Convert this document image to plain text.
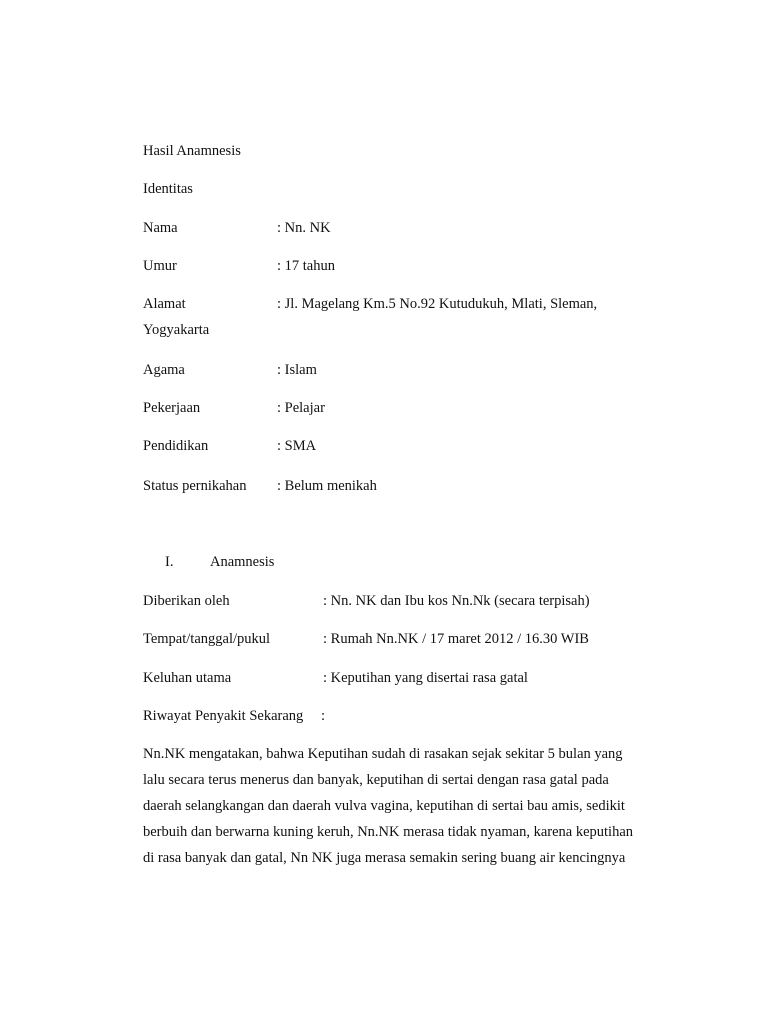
Hasil Anamnesis
Identitas
Nama	: Nn. NK
Umur	: 17 tahun
Alamat	: Jl. Magelang Km.5 No.92 Kutudukuh, Mlati, Sleman,
Yogyakarta
Agama	: Islam
Pekerjaan	: Pelajar
Pendidikan	: SMA
Status pernikahan : Belum menikah
I.	Anamnesis
Diberikan oleh	: Nn. NK dan Ibu kos Nn.Nk (secara terpisah)
Tempat/tanggal/pukul	: Rumah Nn.NK / 17 maret 2012 / 16.30 WIB
Keluhan utama	: Keputihan yang disertai rasa gatal
Riwayat Penyakit Sekarang :
Nn.NK mengatakan, bahwa Keputihan sudah di rasakan sejak sekitar 5 bulan yang
lalu secara terus menerus dan banyak, keputihan di sertai dengan rasa gatal pada
daerah selangkangan dan daerah vulva vagina, keputihan di sertai bau amis, sedikit
berbuih dan berwarna kuning keruh, Nn.NK merasa tidak nyaman, karena keputihan
di rasa banyak dan gatal, Nn NK juga merasa semakin sering buang air kencingnya
